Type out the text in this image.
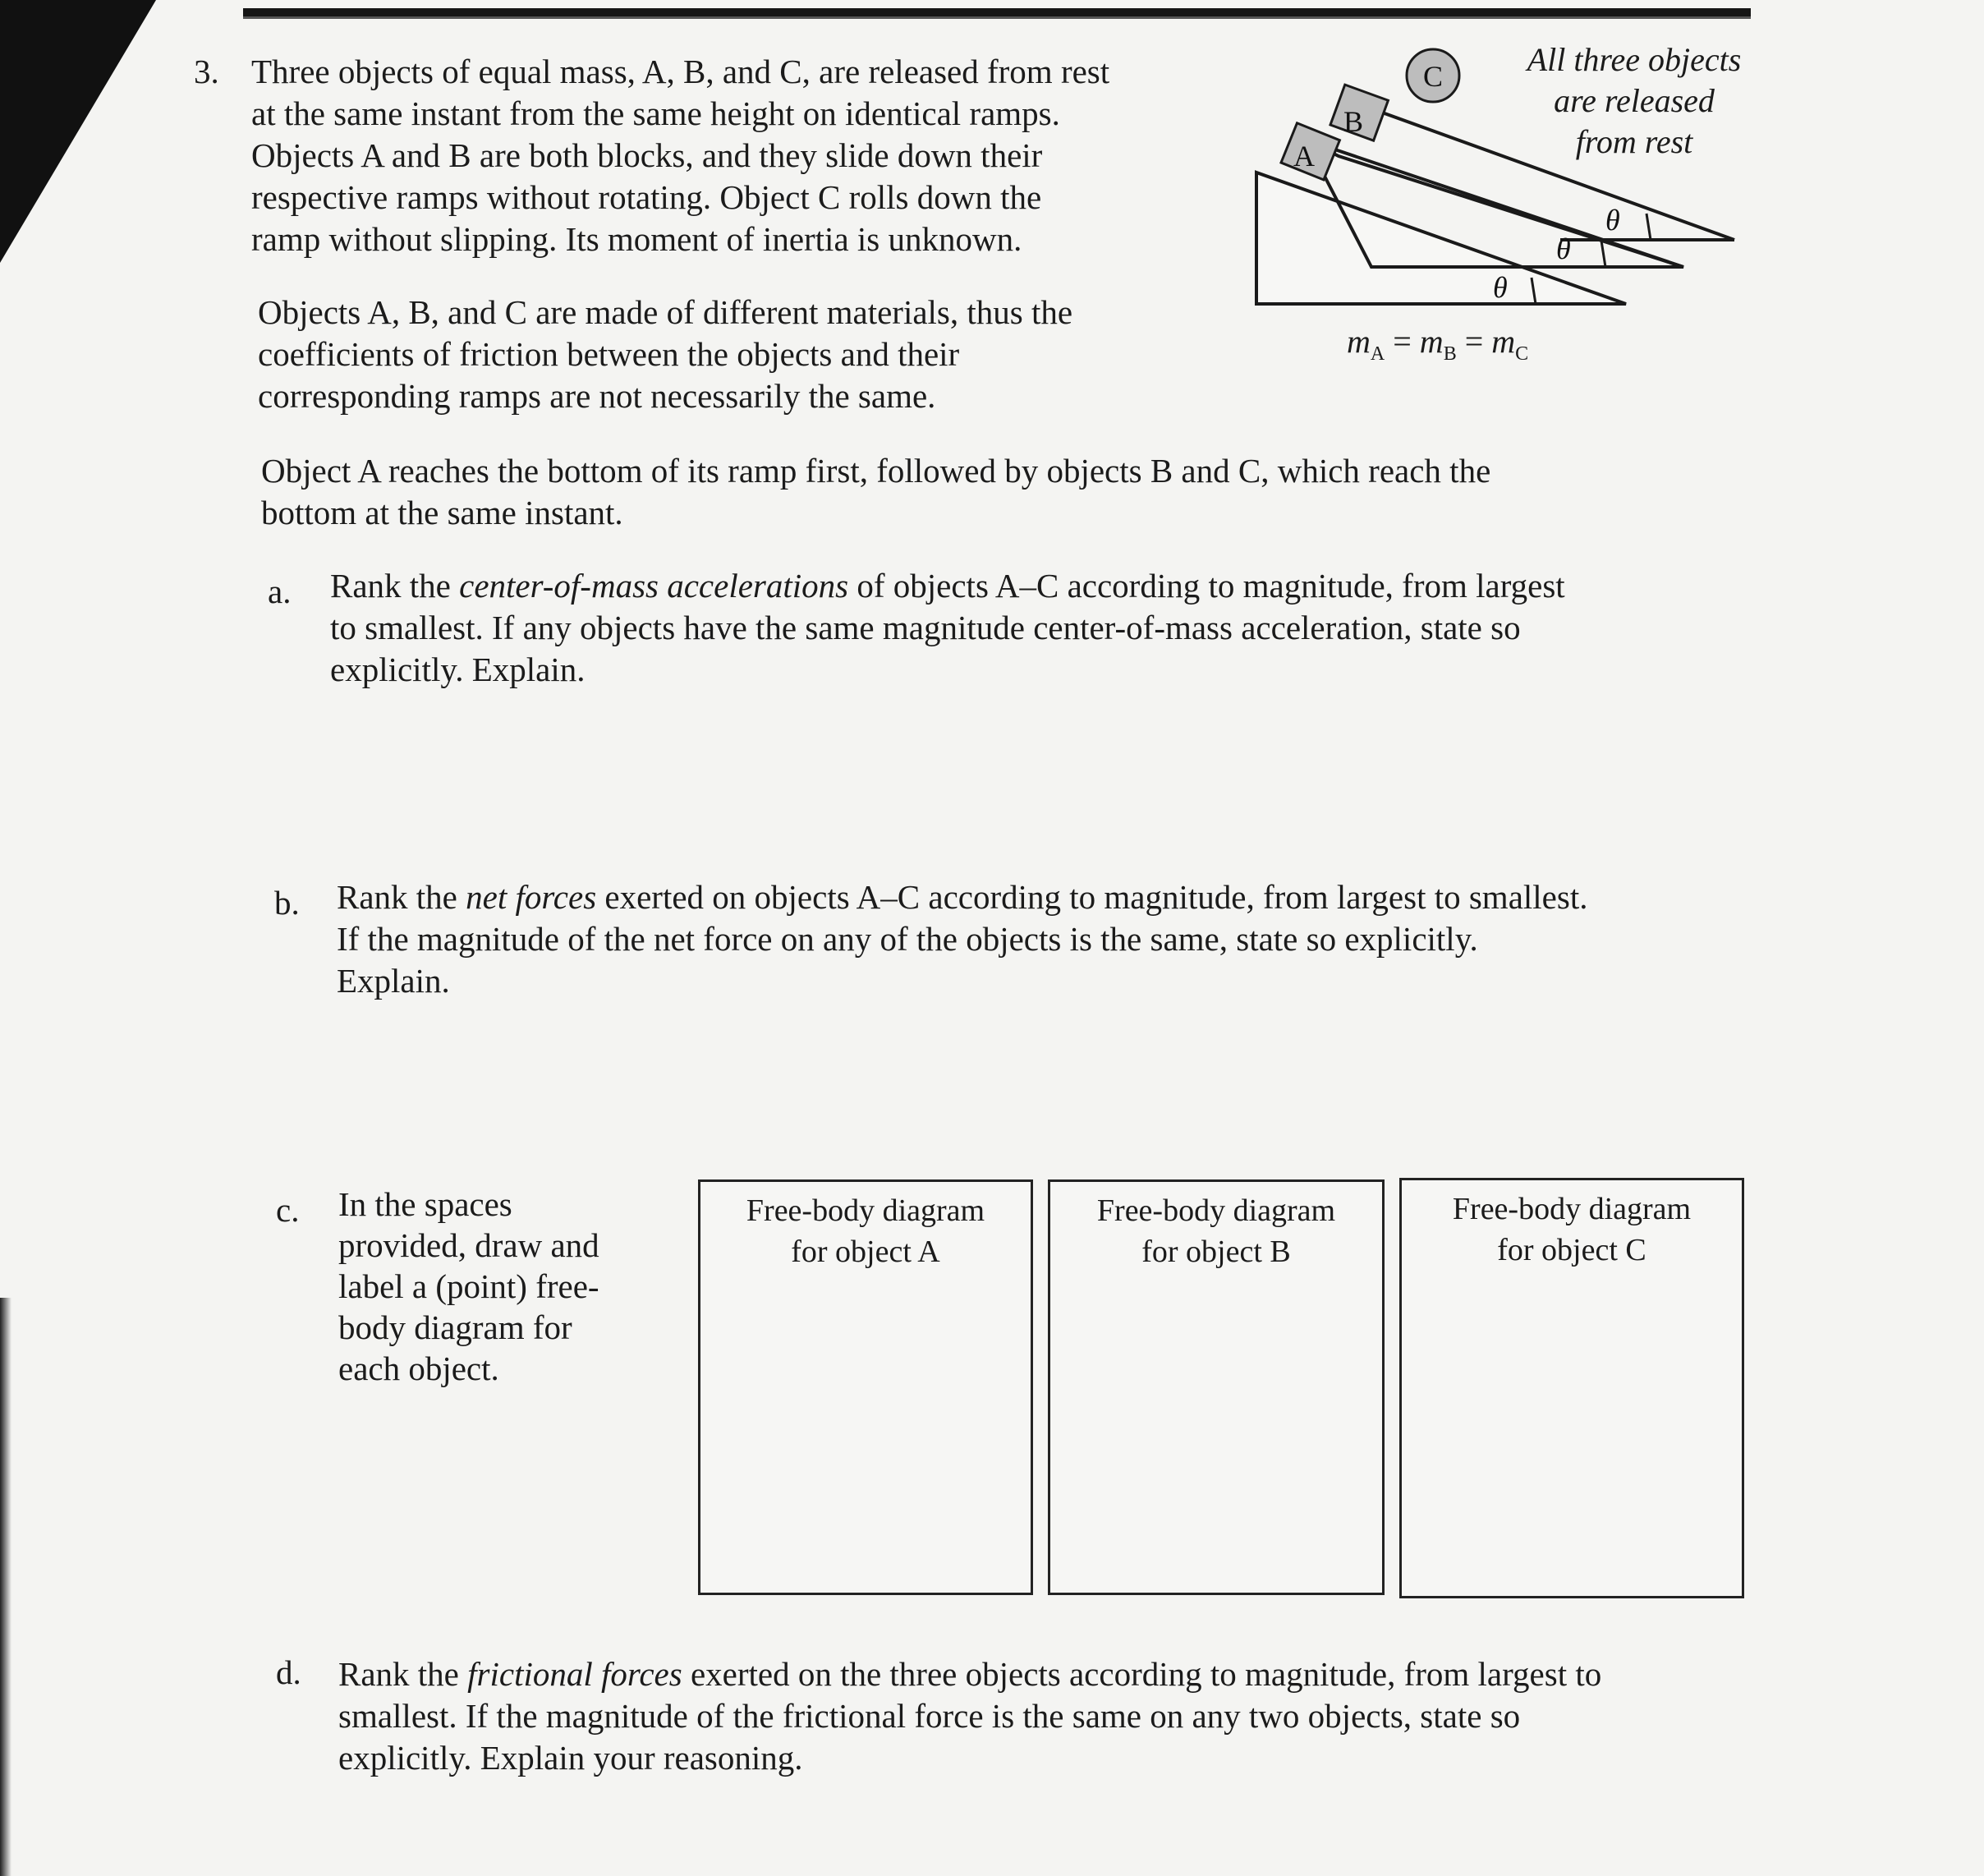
3. Three objects of equal mass, A, B, and C, are released from rest
at the same instant from the same height on identical ramps.
Objects A and B are both blocks, and they slide down their
respective ramps without rotating. Object C rolls down the
ramp without slipping. Its moment of inertia is unknown.
Objects A, B, and C are made of different materials, thus the
coefficients of friction between the objects and their
corresponding ramps are not necessarily the same.
Object A reaches the bottom of its ramp first, followed by objects B and C, which reach the
bottom at the same instant.
A
B
C
θ
θ
θ
All three objects
are released
from rest
$m_A = m_B = m_C$
a. Rank the center-of-mass accelerations of objects A–C according to magnitude, from largest
to smallest. If any objects have the same magnitude center-of-mass acceleration, state so
explicitly. Explain.
b. Rank the net forces exerted on objects A–C according to magnitude, from largest to smallest.
If the magnitude of the net force on any of the objects is the same, state so explicitly.
Explain.
c. In the spaces
provided, draw and
label a (point) free-
body diagram for
each object.
Free-body diagram
for object A
Free-body diagram
for object B
Free-body diagram
for object C
d. Rank the frictional forces exerted on the three objects according to magnitude, from largest to
smallest. If the magnitude of the frictional force is the same on any two objects, state so
explicitly. Explain your reasoning.
